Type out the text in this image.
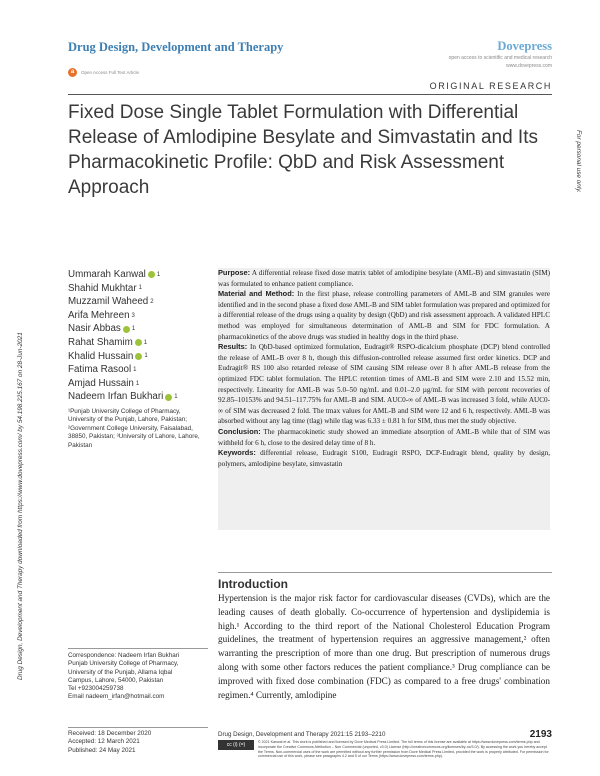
Drug Design, Development and Therapy	Dovepress
open access to scientific and medical research
www.dovepress.com
a	Open Access Full Text Article
ORIGINAL RESEARCH
Fixed Dose Single Tablet Formulation with Differential Release of Amlodipine Besylate and Simvastatin and Its Pharmacokinetic Profile: QbD and Risk Assessment Approach
Drug Design, Development and Therapy downloaded from https://www.dovepress.com/ by 54.198.225.167 on 28-Jun-2021
For personal use only.
Ummarah Kanwal 1
Shahid Mukhtar 1
Muzzamil Waheed 2
Arifa Mehreen 3
Nasir Abbas 1
Rahat Shamim 1
Khalid Hussain 1
Fatima Rasool 1
Amjad Hussain 1
Nadeem Irfan Bukhari 1
¹Punjab University College of Pharmacy, University of the Punjab, Lahore, Pakistan; ²Government College University, Faisalabad, 38850, Pakistan; ³University of Lahore, Lahore, Pakistan

Purpose: A differential release fixed dose matrix tablet of amlodipine besylate (AML-B) and simvastatin (SIM) was formulated to enhance patient compliance.

Material and Method: In the first phase, release controlling parameters of AML-B and SIM granules were identified and in the second phase a fixed dose AML-B and SIM tablet formulation was prepared and optimized for a differential release of the drugs using a quality by design (QbD) and risk assessment approach. A validated HPLC method was employed for simultaneous determination of AML-B and SIM for FDC formulation. A pharmacokinetics of the above drugs was studied in healthy dogs in the third phase.

Results: In QbD-based optimized formulation, Eudragit® RSPO-dicalcium phosphate (DCP) blend controlled the release of AML-B over 8 h, though this diffusion-controlled release assumed first order kinetics. DCP and Eudragit® RS 100 also retarded release of SIM causing SIM release over 8 h after AML-B release from the optimized FDC tablet formulation. The HPLC retention times of AML-B and SIM were 2.10 and 15.52 min, respectively. Linearity for AML-B was 5.0–50 ng/mL and 0.01–2.0 µg/mL for SIM with percent recoveries of 92.85–10153% and 94.51–117.75% for AML-B and SIM. AUC0-∞ of AML-B was increased 3 fold, while AUC0-∞ of SIM was decreased 2 fold. The tmax values for AML-B and SIM were 12 and 6 h, respectively. AML-B was absorbed without any lag time (tlag) while tlag was 6.33 ± 0.81 h for SIM, thus met the study objective.

Conclusion: The pharmacokinetic study showed an immediate absorption of AML-B while that of SIM was withheld for 6 h, close to the desired delay time of 8 h.

Keywords: differential release, Eudragit S100, Eudragit RSPO, DCP-Eudragit blend, quality by design, polymers, amlodipine besylate, simvastatin

Introduction

Hypertension is the major risk factor for cardiovascular diseases (CVDs), which are the leading causes of death globally. Co-occurrence of hypertension and dyslipidemia is high.¹ According to the third report of the National Cholesterol Education Program guidelines, the treatment of hypertension requires an aggressive management,² often warranting the prescription of more than one drug. But prescription of numerous drugs along with some other factors reduces the patient compliance.³ Drug compliance can be improved with fixed dose combination (FDC) as compared to a free drugs' combination regimen.⁴ Currently, amlodipine

Correspondence: Nadeem Irfan Bukhari
Punjab University College of Pharmacy,
University of the Punjab, Allama Iqbal
Campus, Lahore, 54000, Pakistan
Tel +923004259738
Email nadeem_irfan@hotmail.com
Received: 18 December 2020
Accepted: 12 March 2021
Published: 24 May 2021
Drug Design, Development and Therapy 2021:15 2193–2210	2193
cc (i) (=)	© 2021 Kanwal et al. This work is published and licensed by Dove Medical Press Limited. The full terms of this license are available at https://www.dovepress.com/terms.php and incorporate the Creative Commons Attribution – Non Commercial (unported, v3.0) License (http://creativecommons.org/licenses/by-nc/3.0/). By accessing the work you hereby accept the Terms. Non-commercial uses of the work are permitted without any further permission from Dove Medical Press Limited, provided the work is properly attributed. For permission for commercial use of this work, please see paragraphs 4.2 and 5 of our Terms (https://www.dovepress.com/terms.php).
